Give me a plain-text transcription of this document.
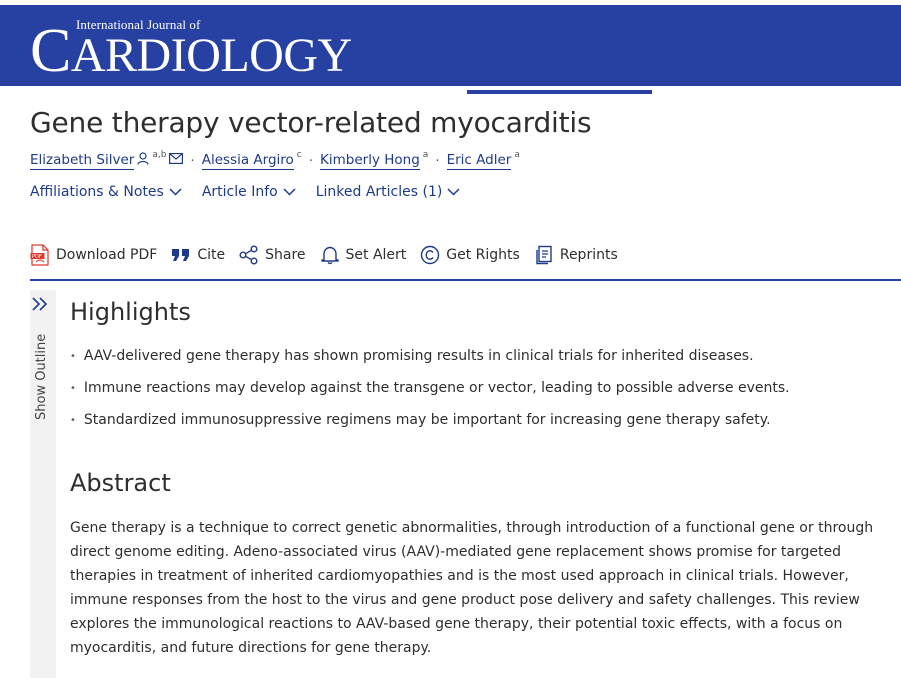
International Journal of
CARDIOLOGY
Gene therapy vector-related myocarditis
Elizabeth Silver a,b · Alessia Argiro c · Kimberly Hong a · Eric Adler a
Affiliations & Notes	Article Info	Linked Articles (1)
PDF Download PDF	Cite	Share	Set Alert	Get Rights	Reprints
Show Outline
Highlights
• AAV-delivered gene therapy has shown promising results in clinical trials for inherited diseases.
• Immune reactions may develop against the transgene or vector, leading to possible adverse events.
• Standardized immunosuppressive regimens may be important for increasing gene therapy safety.
Abstract

Gene therapy is a technique to correct genetic abnormalities, through introduction of a functional gene or through direct genome editing. Adeno-associated virus (AAV)-mediated gene replacement shows promise for targeted therapies in treatment of inherited cardiomyopathies and is the most used approach in clinical trials. However, immune responses from the host to the virus and gene product pose delivery and safety challenges. This review explores the immunological reactions to AAV-based gene therapy, their potential toxic effects, with a focus on myocarditis, and future directions for gene therapy.
